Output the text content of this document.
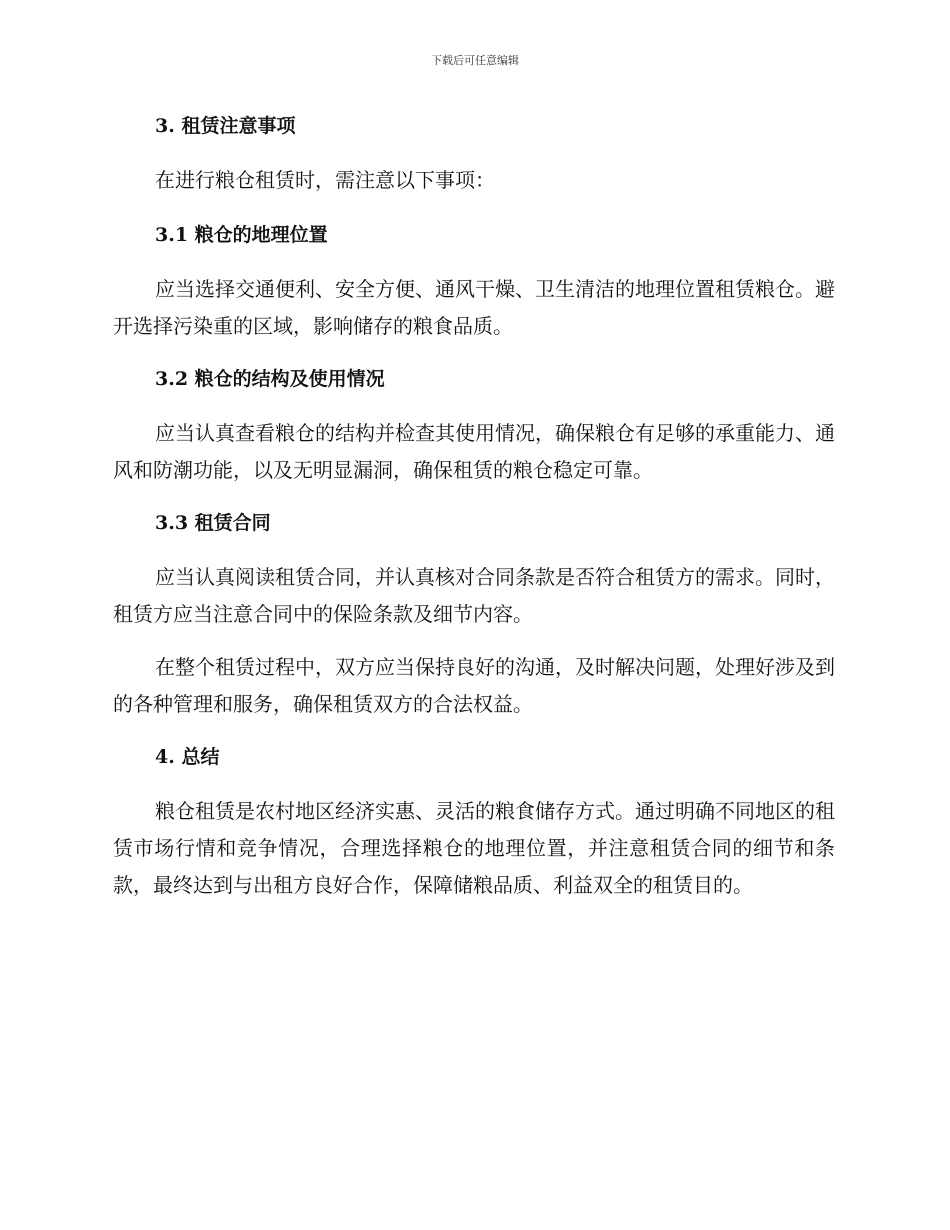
下载后可任意编辑
3. 租赁注意事项

在进行粮仓租赁时，需注意以下事项：

3.1 粮仓的地理位置

应当选择交通便利、安全方便、通风干燥、卫生清洁的地理位置租赁粮仓。避开选择污染重的区域，影响储存的粮食品质。

3.2 粮仓的结构及使用情况

应当认真查看粮仓的结构并检查其使用情况，确保粮仓有足够的承重能力、通风和防潮功能，以及无明显漏洞，确保租赁的粮仓稳定可靠。

3.3 租赁合同

应当认真阅读租赁合同，并认真核对合同条款是否符合租赁方的需求。同时，租赁方应当注意合同中的保险条款及细节内容。

在整个租赁过程中，双方应当保持良好的沟通，及时解决问题，处理好涉及到的各种管理和服务，确保租赁双方的合法权益。

4. 总结

粮仓租赁是农村地区经济实惠、灵活的粮食储存方式。通过明确不同地区的租赁市场行情和竞争情况，合理选择粮仓的地理位置，并注意租赁合同的细节和条款，最终达到与出租方良好合作，保障储粮品质、利益双全的租赁目的。
